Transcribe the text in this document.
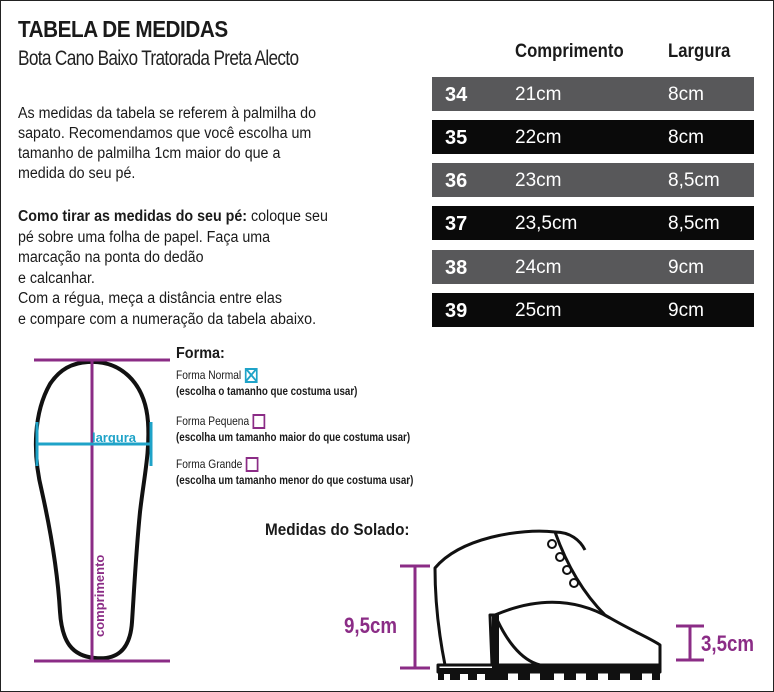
TABELA DE MEDIDAS
Bota Cano Baixo Tratorada Preta Alecto
As medidas da tabela se referem à palmilha do
sapato. Recomendamos que você escolha um
tamanho de palmilha 1cm maior do que a
medida do seu pé.
Como tirar as medidas do seu pé: coloque seu
pé sobre uma folha de papel. Faça uma
marcação na ponta do dedão
e calcanhar.
Com a régua, meça a distância entre elas
e compare com a numeração da tabela abaixo.
Comprimento Largura
34	21cm	8cm
35	22cm	8cm
36	23cm	8,5cm
37	23,5cm	8,5cm
38	24cm	9cm
39	25cm	9cm
largura
comprimento
Forma:
Forma Normal
(escolha o tamanho que costuma usar)
Forma Pequena
(escolha um tamanho maior do que costuma usar)
Forma Grande
(escolha um tamanho menor do que costuma usar)
Medidas do Solado:
9,5cm
3,5cm
